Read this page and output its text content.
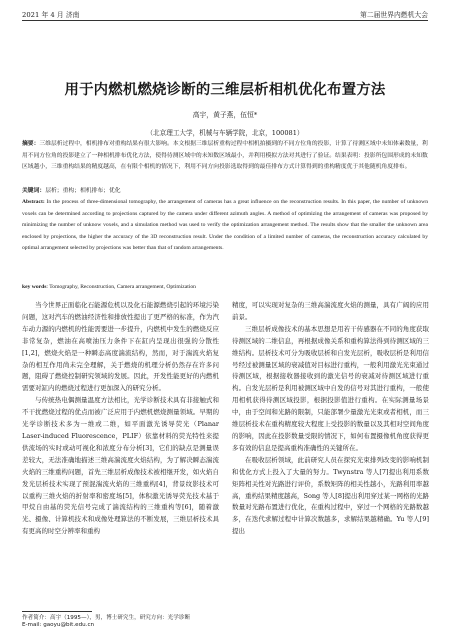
2021 年 4 月 济南	第二届世界内燃机大会
用于内燃机燃烧诊断的三维层析相机优化布置方法
高宇，黄子燕，伍恒*
（北京理工大学，机械与车辆学院，北京，100081）
摘要：三维层析过程中，相机排布对重构结果有很大影响。本文根据三维层析重构过程中相机拍摄到的不同方位角的投影，计算了待测区域中未知体素数量，利用不同方位角的投影建立了一种相机排布优化方法，使得待测区域中的未知数区域最小，并利用模拟方法对其进行了验证。结果表明：投影所包围形成的未知数区域越小，三维重构结果的精度越高，在有限个相机的情况下，利用不同方向投影选取得到的最佳排布方式计算得到的重构精度优于其他随机角度排布。
关键词：层析；重构；相机排布；优化
Abstract: In the process of three-dimensional tomography, the arrangement of cameras has a great influence on the reconstruction results. In this paper, the number of unknown voxels can be determined according to projections captured by the camera under different azimuth angles. A method of optimizing the arrangement of cameras was proposed by minimizing the number of unknow voxels, and a simulation method was used to verify the optimization arrangement method. The results show that the smaller the unknown area enclosed by projections, the higher the accuracy of the 3D reconstruction result. Under the condition of a limited number of cameras, the reconstruction accuracy calculated by optimal arrangement selected by projections was better than that of random arrangements.
key words: Tomography, Reconstruction, Camera arrangement, Optimization

当今世界正面临化石能源危机以及化石能源燃烧引起的环境污染问题，这对汽车的燃油经济性和排放性提出了更严格的标准，作为汽车动力源的内燃机的性能需要进一步提升，内燃机中发生的燃烧反应非常复杂，燃油在高喷油压力条件下在缸内呈现出很强的分散性[1,2]，燃烧火焰是一种瞬态高度湍流结构，然而，对于湍流火焰复杂的相互作用尚未完全理解，关于燃烧的机理分析仍然存在许多问题，阻碍了燃烧控制研究领域的发展。因此，开发性能更好的内燃机需要对缸内的燃烧过程进行更加深入的研究分析。

与传统热电偶测量温度方法相比，光学诊断技术具有非接触式和不干扰燃烧过程的优点而被广泛应用于内燃机燃烧测量领域。早期的光学诊断技术多为一维或二维，如平面激光诱导荧光（Planar Laser-induced Fluorescence，PLIF）依靠材料的荧光特性来提供流场的实时或动可视化和浓度分布分析[3]，它们的缺点是测量误差较大，无法准确地描述三维高湍流度火焰结构，为了解决瞬态湍流火焰的三维重构问题，首先三维层析成像技术被相继开发，如火焰自发光层析技术实现了预混湍流火焰的三维重构[4]，背景纹影技术可以重构三维火焰的折射率和密度场[5]，体积激光诱导荧光技术基于甲烷自由基的荧光信号完成了湍流结构的三维重构等[6]，随着激光、摄像、计算机技术和成像处理算法的不断发展，三维层析技术具有更高的时空分辨率和重构

精度，可以实现对复杂的三维高湍流度火焰的测量，具有广阔的应用前景。

三维层析成像技术的基本思想是用若干传感器在不同的角度获取待测区域的二维信息，再根据成像关系和重构算法得到待测区域的三维结构。层析技术可分为吸收层析和自发光层析，吸收层析是利用信号经过被测量区域的衰减值对目标进行重构，一般利用激光光束通过待测区域，根据接收器接收到的激光信号的衰减对待测区域进行重构。自发光层析是利用被测区域中自发的信号对其进行重构，一般使用相机获得待测区域投影，根据投影值进行重构。在实际测量场景中，由于空间和光路的限制，只能部署少量激光光束或者相机，而三维层析技术在重构精度较大程度上受投影的数量以及其相对空间角度的影响，因此在投影数量受限的情况下，如何布置摄像机角度获得更多有效的信息是提高重构准确性的关键所在。

在吸收层析领域，此前研究人员在探究光束排列改变的影响机制和优化方式上投入了大量的努力。Twynstra 等人[7]提出利用系数矩阵相关性对光路进行评价，系数矩阵的相关性越小，光路利用率越高，重构结果精度越高，Song 等人[8]提出利用穿过某一网格的光路数量对光路布置进行优化，在重构过程中，穿过一个网格的光路数越多，在迭代求解过程中计算次数越多，求解结果越精确。Yu 等人[9]提出

作者简介：高宇（1995—），男，博士研究生，研究方向：光学诊断
E-mail: gaoyu@bit.edu.cn
